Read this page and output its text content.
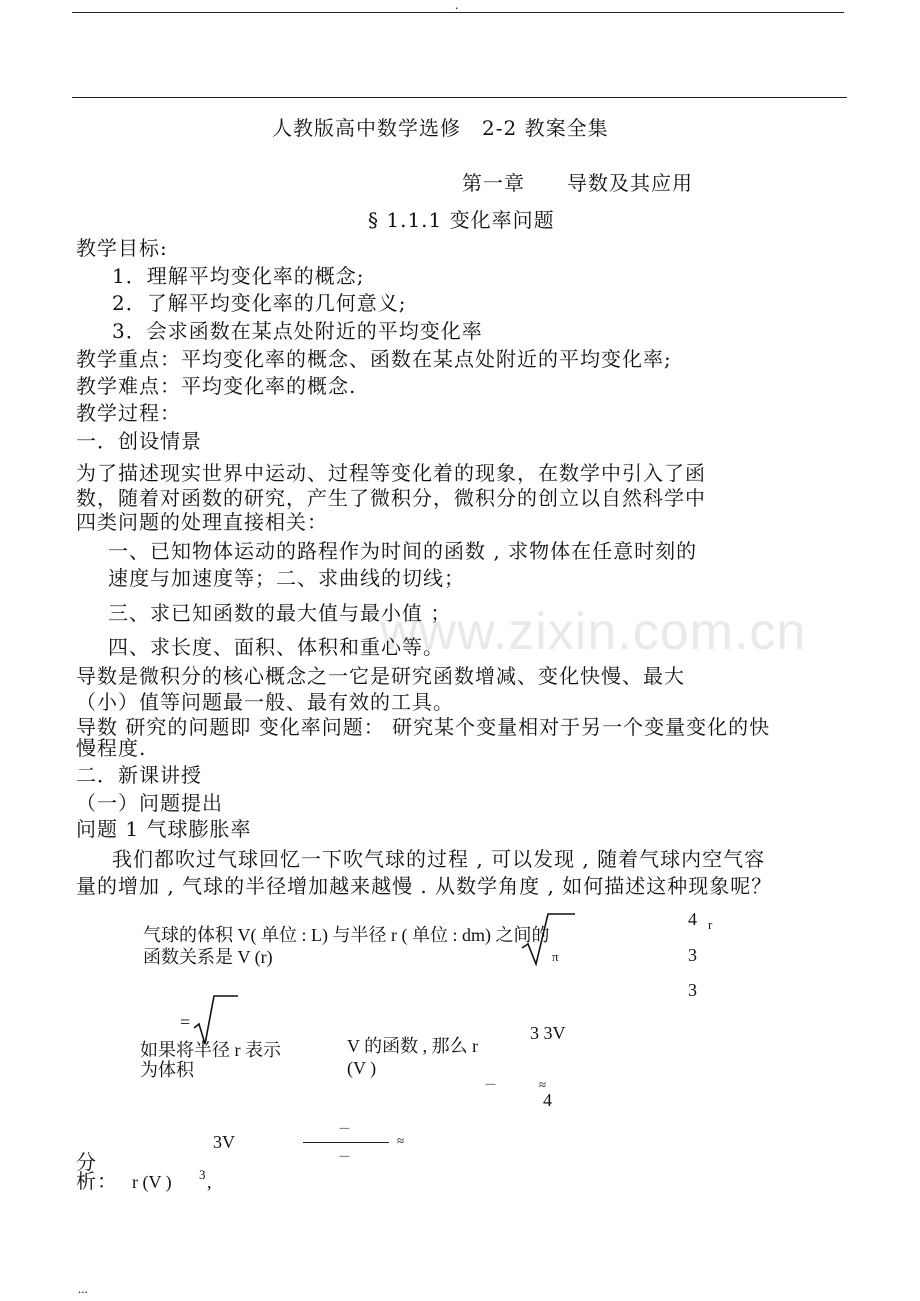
.
www.zixin.com.cn
人教版高中数学选修　2-2 教案全集
第一章　　导数及其应用
§ 1.1.1 变化率问题
教学目标:
1．理解平均变化率的概念;
2．了解平均变化率的几何意义;
3．会求函数在某点处附近的平均变化率
教学重点：平均变化率的概念、函数在某点处附近的平均变化率;
教学难点：平均变化率的概念.
教学过程：
一．创设情景
为了描述现实世界中运动、过程等变化着的现象，在数学中引入了函
数，随着对函数的研究，产生了微积分，微积分的创立以自然科学中
四类问题的处理直接相关：
一、已知物体运动的路程作为时间的函数 , 求物体在任意时刻的
速度与加速度等；二、求曲线的切线；
三、求已知函数的最大值与最小值 ；
四、求长度、面积、体积和重心等。
导数是微积分的核心概念之一它是研究函数增减、变化快慢、最大
（小）值等问题最一般、最有效的工具。
导数 研究的问题即 变化率问题： 研究某个变量相对于另一个变量变化的快
慢程度.
二．新课讲授
（一）问题提出
问题 1 气球膨胀率
我们都吹过气球回忆一下吹气球的过程 , 可以发现 , 随着气球内空气容
量的增加 , 气球的半径增加越来越慢 . 从数学角度 , 如何描述这种现象呢？
气球的体积 V( 单位 : L) 与半径 r ( 单位 : dm) 之间的
函数关系是 V (r)	π
4 r
3
3
=
如果将半径 r 表示
为体积
V 的函数 , 那么 r
(V )
3 3V
－	≈
4
3V
－
≈
－
分
析： r (V ) 3 ,
...
